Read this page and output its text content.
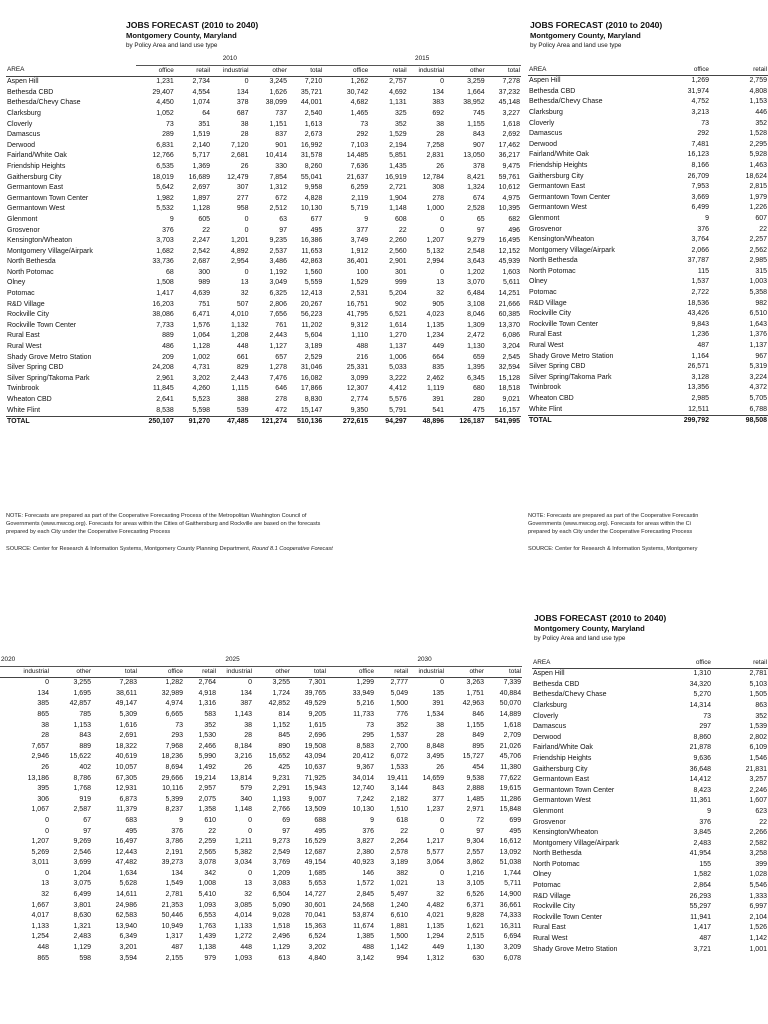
JOBS FORECAST (2010 to 2040)
Montgomery County, Maryland
by Policy Area and land use type
	2010					2015				
AREA	office	retail	industrial	other	total	office	retail	industrial	other	total
Aspen Hill	1,231	2,734	0	3,245	7,210	1,262	2,757	0	3,259	7,278
Bethesda CBD	29,407	4,554	134	1,626	35,721	30,742	4,692	134	1,664	37,232
Bethesda/Chevy Chase	4,450	1,074	378	38,099	44,001	4,682	1,131	383	38,952	45,148
Clarksburg	1,052	64	687	737	2,540	1,465	325	692	745	3,227
Cloverly	73	351	38	1,151	1,613	73	352	38	1,155	1,618
Damascus	289	1,519	28	837	2,673	292	1,529	28	843	2,692
Derwood	6,831	2,140	7,120	901	16,992	7,103	2,194	7,258	907	17,462
Fairland/White Oak	12,766	5,717	2,681	10,414	31,578	14,485	5,851	2,831	13,050	36,217
Friendship Heights	6,535	1,369	26	330	8,260	7,636	1,435	26	378	9,475
Gaithersburg City	18,019	16,689	12,479	7,854	55,041	21,637	16,919	12,784	8,421	59,761
Germantown East	5,642	2,697	307	1,312	9,958	6,259	2,721	308	1,324	10,612
Germantown Town Center	1,982	1,897	277	672	4,828	2,119	1,904	278	674	4,975
Germantown West	5,532	1,128	958	2,512	10,130	5,719	1,148	1,000	2,528	10,395
Glenmont	9	605	0	63	677	9	608	0	65	682
Grosvenor	376	22	0	97	495	377	22	0	97	496
Kensington/Wheaton	3,703	2,247	1,201	9,235	16,386	3,749	2,260	1,207	9,279	16,495
Montgomery Village/Airpark	1,682	2,542	4,892	2,537	11,653	1,912	2,560	5,132	2,548	12,152
North Bethesda	33,736	2,687	2,954	3,486	42,863	36,401	2,901	2,994	3,643	45,939
North Potomac	68	300	0	1,192	1,560	100	301	0	1,202	1,603
Olney	1,508	989	13	3,049	5,559	1,529	999	13	3,070	5,611
Potomac	1,417	4,639	32	6,325	12,413	2,531	5,204	32	6,484	14,251
R&D Village	16,203	751	507	2,806	20,267	16,751	902	905	3,108	21,666
Rockville City	38,086	6,471	4,010	7,656	56,223	41,795	6,521	4,023	8,046	60,385
Rockville Town Center	7,733	1,576	1,132	761	11,202	9,312	1,614	1,135	1,309	13,370
Rural East	889	1,064	1,208	2,443	5,604	1,110	1,270	1,234	2,472	6,086
Rural West	486	1,128	448	1,127	3,189	488	1,137	449	1,130	3,204
Shady Grove Metro Station	209	1,002	661	657	2,529	216	1,006	664	659	2,545
Silver Spring CBD	24,208	4,731	829	1,278	31,046	25,331	5,033	835	1,395	32,594
Silver Spring/Takoma Park	2,961	3,202	2,443	7,476	16,082	3,099	3,222	2,462	6,345	15,128
Twinbrook	11,845	4,260	1,115	646	17,866	12,307	4,412	1,119	680	18,518
Wheaton CBD	2,641	5,523	388	278	8,830	2,774	5,576	391	280	9,021
White Flint	8,538	5,598	539	472	15,147	9,350	5,791	541	475	16,157
TOTAL	250,107	91,270	47,485	121,274	510,136	272,615	94,297	48,896	126,187	541,995
NOTE: Forecasts are prepared as part of the Cooperative Forecasting Process of the Metropolitan Washington Council of
Governments (www.mwcog.org). Forecasts for areas within the Cities of Gaithersburg and Rockville are based on the forecasts
prepared by each City under the Cooperative Forecasting Process
SOURCE: Center for Research & Information Systems, Montgomery County Planning Department, Round 8.1 Cooperative Forecast
JOBS FORECAST (2010 to 2040)
Montgomery County, Maryland
by Policy Area and land use type

AREA	office	retail
Aspen Hill	1,269	2,759
Bethesda CBD	31,974	4,808
Bethesda/Chevy Chase	4,752	1,153
Clarksburg	3,213	446
Cloverly	73	352
Damascus	292	1,528
Derwood	7,481	2,295
Fairland/White Oak	16,123	5,928
Friendship Heights	8,166	1,463
Gaithersburg City	26,709	18,624
Germantown East	7,953	2,815
Germantown Town Center	3,669	1,979
Germantown West	6,499	1,226
Glenmont	9	607
Grosvenor	376	22
Kensington/Wheaton	3,764	2,257
Montgomery Village/Airpark	2,066	2,562
North Bethesda	37,787	2,985
North Potomac	115	315
Olney	1,537	1,003
Potomac	2,722	5,358
R&D Village	18,536	982
Rockville City	43,426	6,510
Rockville Town Center	9,843	1,643
Rural East	1,236	1,376
Rural West	487	1,137
Shady Grove Metro Station	1,164	967
Silver Spring CBD	26,571	5,319
Silver Spring/Takoma Park	3,128	3,224
Twinbrook	13,356	4,372
Wheaton CBD	2,985	5,705
White Flint	12,511	6,788
TOTAL	299,792	98,508
NOTE: Forecasts are prepared as part of the Cooperative Forecastin
Governments (www.mwcog.org). Forecasts for areas within the Ci
prepared by each City under the Cooperative Forecasting Process
SOURCE: Center for Research & Information Systems, Montgomery
2020			2025					2030				
industrial	other	total	office	retail	industrial	other	total	office	retail	industrial	other	total
0	3,255	7,283	1,282	2,764	0	3,255	7,301	1,299	2,777	0	3,263	7,339
134	1,695	38,611	32,989	4,918	134	1,724	39,765	33,949	5,049	135	1,751	40,884
385	42,857	49,147	4,974	1,316	387	42,852	49,529	5,216	1,500	391	42,963	50,070
865	785	5,309	6,665	583	1,143	814	9,205	11,733	776	1,534	846	14,889
38	1,153	1,616	73	352	38	1,152	1,615	73	352	38	1,155	1,618
28	843	2,691	293	1,530	28	845	2,696	295	1,537	28	849	2,709
7,657	889	18,322	7,968	2,466	8,184	890	19,508	8,583	2,700	8,848	895	21,026
2,946	15,622	40,619	18,236	5,990	3,216	15,652	43,094	20,412	6,072	3,495	15,727	45,706
26	402	10,057	8,694	1,492	26	425	10,637	9,367	1,533	26	454	11,380
13,186	8,786	67,305	29,666	19,214	13,814	9,231	71,925	34,014	19,411	14,659	9,538	77,622
395	1,768	12,931	10,116	2,957	579	2,291	15,943	12,740	3,144	843	2,888	19,615
306	919	6,873	5,399	2,075	340	1,193	9,007	7,242	2,182	377	1,485	11,286
1,067	2,587	11,379	8,237	1,358	1,148	2,766	13,509	10,130	1,510	1,237	2,971	15,848
0	67	683	9	610	0	69	688	9	618	0	72	699
0	97	495	376	22	0	97	495	376	22	0	97	495
1,207	9,269	16,497	3,786	2,259	1,211	9,273	16,529	3,827	2,264	1,217	9,304	16,612
5,269	2,546	12,443	2,191	2,565	5,382	2,549	12,687	2,380	2,578	5,577	2,557	13,092
3,011	3,699	47,482	39,273	3,078	3,034	3,769	49,154	40,923	3,189	3,064	3,862	51,038
0	1,204	1,634	134	342	0	1,209	1,685	146	382	0	1,216	1,744
13	3,075	5,628	1,549	1,008	13	3,083	5,653	1,572	1,021	13	3,105	5,711
32	6,499	14,611	2,781	5,410	32	6,504	14,727	2,845	5,497	32	6,526	14,900
1,667	3,801	24,986	21,353	1,093	3,085	5,090	30,601	24,568	1,240	4,482	6,371	36,661
4,017	8,630	62,583	50,446	6,553	4,014	9,028	70,041	53,874	6,610	4,021	9,828	74,333
1,133	1,321	13,940	10,949	1,763	1,133	1,518	15,363	11,674	1,881	1,135	1,621	16,311
1,254	2,483	6,349	1,317	1,439	1,272	2,496	6,524	1,385	1,500	1,294	2,515	6,694
448	1,129	3,201	487	1,138	448	1,129	3,202	488	1,142	449	1,130	3,209
865	598	3,594	2,155	979	1,093	613	4,840	3,142	994	1,312	630	6,078
JOBS FORECAST (2010 to 2040)
Montgomery County, Maryland
by Policy Area and land use type

AREA	office	retail
Aspen Hill	1,310	2,781
Bethesda CBD	34,320	5,103
Bethesda/Chevy Chase	5,270	1,505
Clarksburg	14,314	863
Cloverly	73	352
Damascus	297	1,539
Derwood	8,860	2,802
Fairland/White Oak	21,878	6,109
Friendship Heights	9,636	1,546
Gaithersburg City	36,648	21,831
Germantown East	14,412	3,257
Germantown Town Center	8,423	2,246
Germantown West	11,361	1,607
Glenmont	9	623
Grosvenor	376	22
Kensington/Wheaton	3,845	2,266
Montgomery Village/Airpark	2,483	2,582
North Bethesda	41,954	3,258
North Potomac	155	399
Olney	1,582	1,028
Potomac	2,864	5,546
R&D Village	26,293	1,333
Rockville City	55,297	6,997
Rockville Town Center	11,941	2,104
Rural East	1,417	1,526
Rural West	487	1,142
Shady Grove Metro Station	3,721	1,001
